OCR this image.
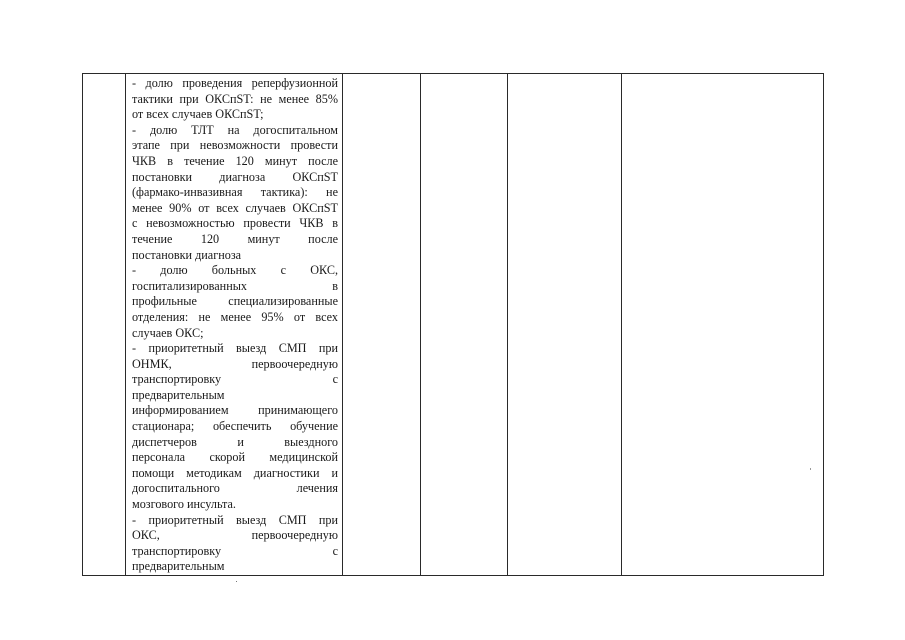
- долю проведения реперфузионной
тактики при ОКСпST: не менее 85%
от всех случаев ОКСпST;
- долю ТЛТ на догоспитальном
этапе при невозможности провести
ЧКВ в течение 120 минут после
постановки диагноза ОКСпST
(фармако-инвазивная тактика): не
менее 90% от всех случаев ОКСпST
с невозможностью провести ЧКВ в
течение 120 минут после
постановки диагноза
- долю больных с ОКС,
госпитализированных в
профильные специализированные
отделения: не менее 95% от всех
случаев ОКС;
- приоритетный выезд СМП при
ОНМК, первоочередную
транспортировку с
предварительным
информированием принимающего
стационара; обеспечить обучение
диспетчеров и выездного
персонала скорой медицинской
помощи методикам диагностики и
догоспитального лечения
мозгового инсульта.
- приоритетный выезд СМП при
ОКС, первоочередную
транспортировку с
предварительным
